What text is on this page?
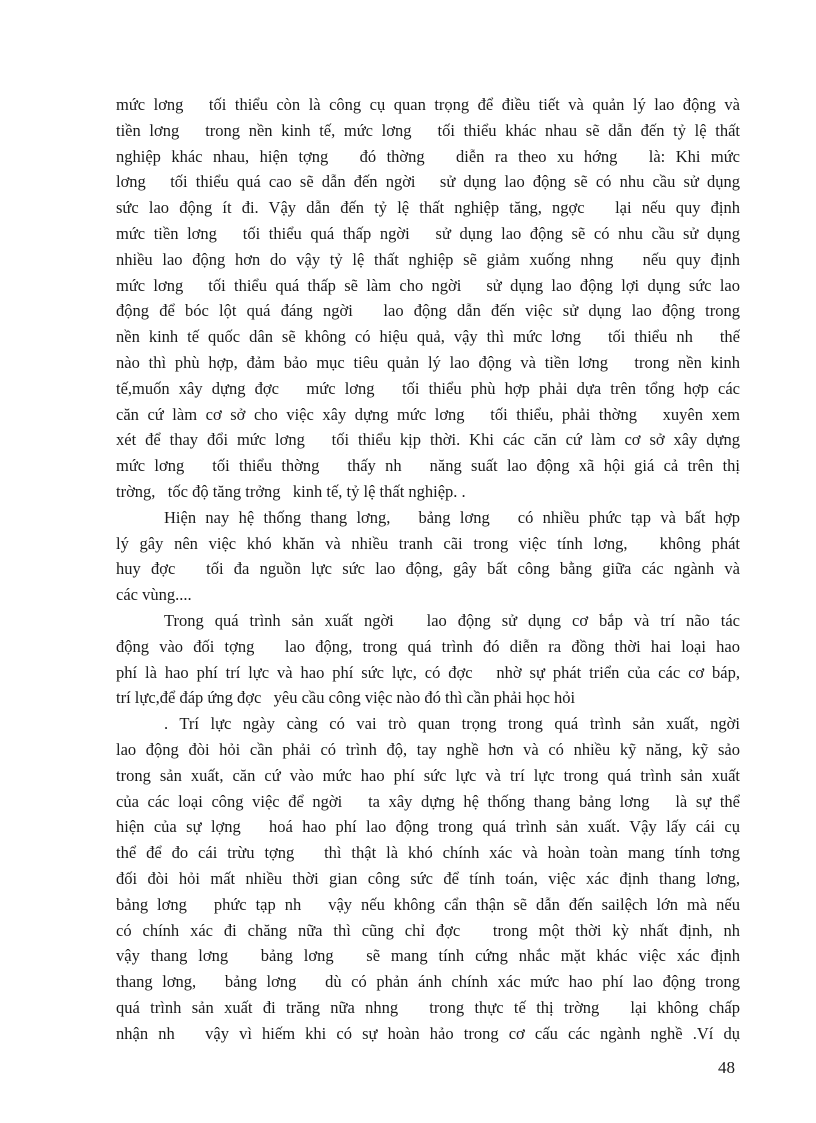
mức lơng   tối thiểu còn là công cụ quan trọng để điều tiết và quản lý lao động và
tiền lơng   trong nền kinh tế, mức lơng   tối thiểu khác nhau sẽ dẫn đến tỷ lệ thất
nghiệp khác nhau, hiện tợng   đó thờng   diễn ra theo xu hớng   là: Khi mức
lơng   tối thiểu quá cao sẽ dẫn đến ngời   sử dụng lao động sẽ có nhu cầu sử dụng
sức lao động ít đi. Vậy dẫn đến tỷ lệ thất nghiệp tăng, ngợc   lại nếu quy định
mức tiền lơng   tối thiểu quá thấp ngời   sử dụng lao động sẽ có nhu cầu sử dụng
nhiều lao động hơn do vậy tỷ lệ thất nghiệp sẽ giảm xuống nhng   nếu quy định
mức lơng   tối thiểu quá thấp sẽ làm cho ngời   sử dụng lao động lợi dụng sức lao
động để bóc lột quá đáng ngời   lao động dẫn đến việc sử dụng lao động trong
nền kinh tế quốc dân sẽ không có hiệu quả, vậy thì mức lơng   tối thiểu nh   thế
nào thì phù hợp, đảm bảo mục tiêu quản lý lao động và tiền lơng   trong nền kinh
tế,muốn xây dựng đợc   mức lơng   tối thiểu phù hợp phải dựa trên tổng hợp các
căn cứ làm cơ sở cho việc xây dựng mức lơng   tối thiểu, phải thờng   xuyên xem
xét để thay đổi mức lơng   tối thiểu kịp thời. Khi các căn cứ làm cơ sở xây dựng
mức lơng   tối thiểu thờng   thấy nh   năng suất lao động xã hội giá cả trên thị
trờng,   tốc độ tăng trởng   kinh tế, tỷ lệ thất nghiệp. .
Hiện nay hệ thống thang lơng,   bảng lơng   có nhiều phức tạp và bất hợp
lý gây nên việc khó khăn và nhiều tranh cãi trong việc tính lơng,   không phát
huy đợc   tối đa nguồn lực sức lao động, gây bất công bằng giữa các ngành và
các vùng....
Trong quá trình sản xuất ngời   lao động sử dụng cơ bắp và trí não tác
động vào đối tợng   lao động, trong quá trình đó diễn ra đồng thời hai loại hao
phí là hao phí trí lực và hao phí sức lực, có đợc   nhờ sự phát triển của các cơ báp,
trí lực,để đáp ứng đợc   yêu cầu công việc nào đó thì cần phải học hỏi
. Trí lực ngày càng có vai trò quan trọng trong quá trình sản xuất, ngời
lao động đòi hỏi cần phải có trình độ, tay nghề hơn và có nhiều kỹ năng, kỹ sảo
trong sản xuất, căn cứ vào mức hao phí sức lực và trí lực trong quá trình sản xuất
của các loại công việc để ngời   ta xây dựng hệ thống thang bảng lơng   là sự thể
hiện của sự lợng   hoá hao phí lao động trong quá trình sản xuất. Vậy lấy cái cụ
thể để đo cái trừu tợng   thì thật là khó chính xác và hoàn toàn mang tính tơng
đối đòi hỏi mất nhiều thời gian công sức để tính toán, việc xác định thang lơng,
bảng lơng   phức tạp nh   vậy nếu không cẩn thận sẽ dẫn đến sailệch lớn mà nếu
có chính xác đi chăng nữa thì cũng chỉ đợc   trong một thời kỳ nhất định, nh
vậy thang lơng   bảng lơng   sẽ mang tính cứng nhắc mặt khác việc xác định
thang lơng,   bảng lơng   dù có phản ánh chính xác mức hao phí lao động trong
quá trình sản xuất đi trăng nữa nhng   trong thực tế thị trờng   lại không chấp
nhận nh   vậy vì hiếm khi có sự hoàn hảo trong cơ cấu các ngành nghề .Ví dụ
48
